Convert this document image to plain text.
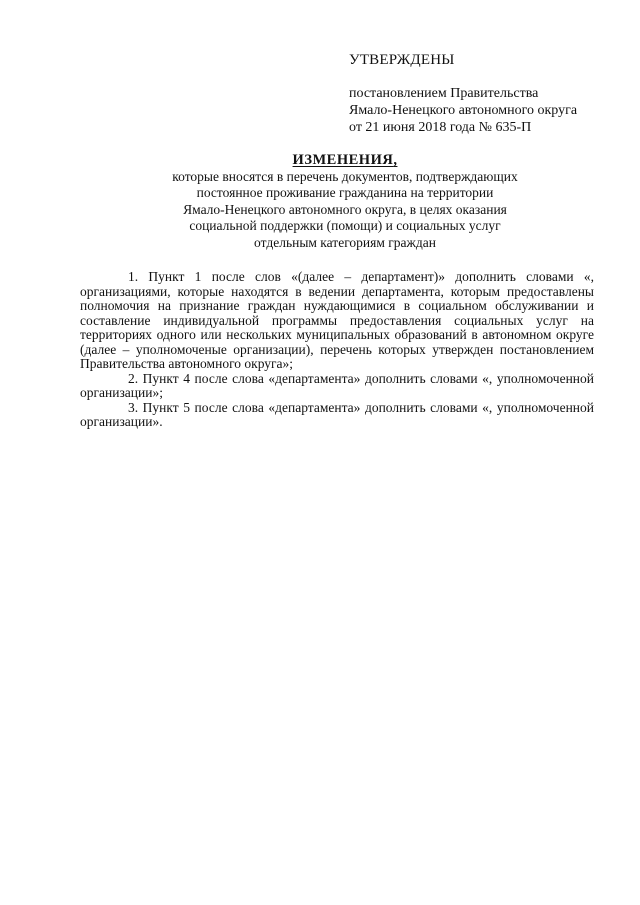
УТВЕРЖДЕНЫ
постановлением Правительства
Ямало-Ненецкого автономного округа
от 21 июня 2018 года № 635-П
ИЗМЕНЕНИЯ,
которые вносятся в перечень документов, подтверждающих
постоянное проживание гражданина на территории
Ямало-Ненецкого автономного округа, в целях оказания
социальной поддержки (помощи) и социальных услуг
отдельным категориям граждан

1. Пункт 1 после слов «(далее – департамент)» дополнить словами «, организациями, которые находятся в ведении департамента, которым предоставлены полномочия на признание граждан нуждающимися в социальном обслуживании и составление индивидуальной программы предоставления социальных услуг на территориях одного или нескольких муниципальных образований в автономном округе (далее – уполномоченые организации), перечень которых утвержден постановлением Правительства автономного округа»;

2. Пункт 4 после слова «департамента» дополнить словами «, уполномоченной организации»;

3. Пункт 5 после слова «департамента» дополнить словами «, уполномоченной организации».
